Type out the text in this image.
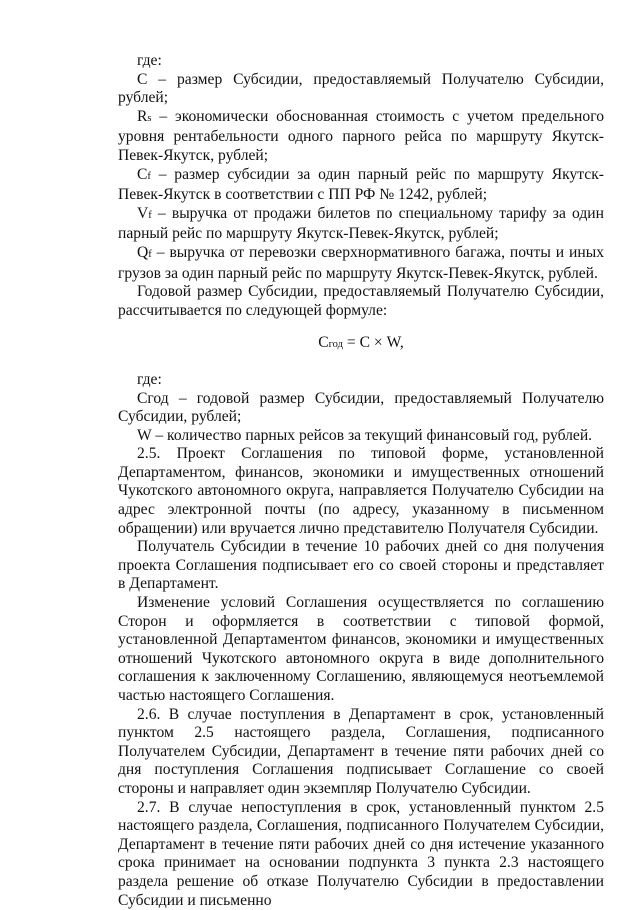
где:

С – размер Субсидии, предоставляемый Получателю Субсидии, рублей;

Rs – экономически обоснованная стоимость с учетом предельного уровня рентабельности одного парного рейса по маршруту Якутск-Певек-Якутск, рублей;

Сf – размер субсидии за один парный рейс по маршруту Якутск-Певек-Якутск в соответствии с ПП РФ № 1242, рублей;

Vf – выручка от продажи билетов по специальному тарифу за один парный рейс по маршруту Якутск-Певек-Якутск, рублей;

Qf – выручка от перевозки сверхнормативного багажа, почты и иных грузов за один парный рейс по маршруту Якутск-Певек-Якутск, рублей.

Годовой размер Субсидии, предоставляемый Получателю Субсидии, рассчитывается по следующей формуле:

Сгод = С × W,

где:

Сгод – годовой размер Субсидии, предоставляемый Получателю Субсидии, рублей;

W – количество парных рейсов за текущий финансовый год, рублей.

2.5. Проект Соглашения по типовой форме, установленной Департаментом, финансов, экономики и имущественных отношений Чукотского автономного округа, направляется Получателю Субсидии на адрес электронной почты (по адресу, указанному в письменном обращении) или вручается лично представителю Получателя Субсидии.

Получатель Субсидии в течение 10 рабочих дней со дня получения проекта Соглашения подписывает его со своей стороны и представляет в Департамент.

Изменение условий Соглашения осуществляется по соглашению Сторон и оформляется в соответствии с типовой формой, установленной Департаментом финансов, экономики и имущественных отношений Чукотского автономного округа в виде дополнительного соглашения к заключенному Соглашению, являющемуся неотъемлемой частью настоящего Соглашения.

2.6. В случае поступления в Департамент в срок, установленный пунктом 2.5 настоящего раздела, Соглашения, подписанного Получателем Субсидии, Департамент в течение пяти рабочих дней со дня поступления Соглашения подписывает Соглашение со своей стороны и направляет один экземпляр Получателю Субсидии.

2.7. В случае непоступления в срок, установленный пунктом 2.5 настоящего раздела, Соглашения, подписанного Получателем Субсидии, Департамент в течение пяти рабочих дней со дня истечение указанного срока принимает на основании подпункта 3 пункта 2.3 настоящего раздела решение об отказе Получателю Субсидии в предоставлении Субсидии и письменно
